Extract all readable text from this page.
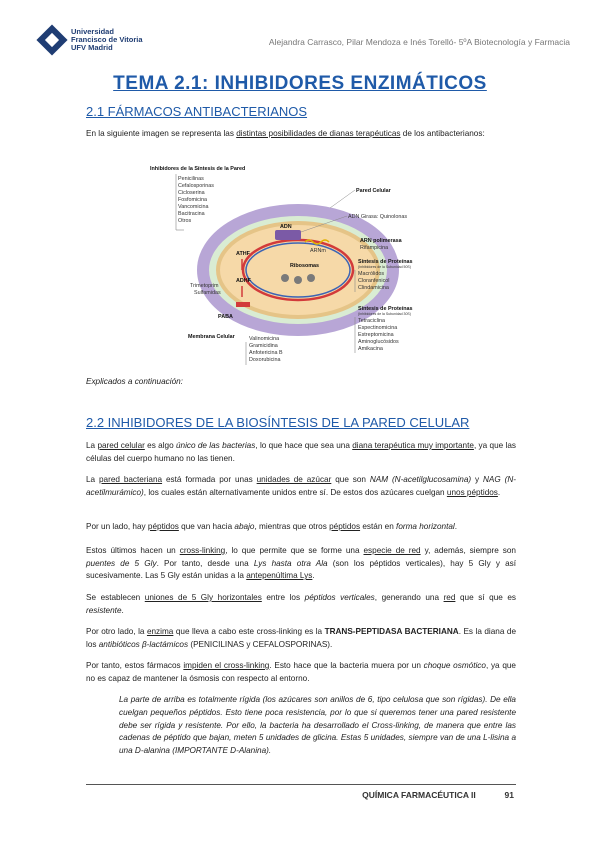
Universidad
Francisco de Vitoria
UFV Madrid
Alejandra Carrasco, Pilar Mendoza e Inés Torelló- 5ºA Biotecnología y Farmacia
TEMA 2.1: INHIBIDORES ENZIMÁTICOS
2.1 FÁRMACOS ANTIBACTERIANOS
En la siguiente imagen se representa las distintas posibilidades de dianas terapéuticas de los antibacterianos:
Inhibidores de la Síntesis de la Pared
Penicilinas
Cefalosporinas
Cicloserina
Fosfomicina
Vancomicina
Bacitracina
Otros
ADN
ARNm
Ribosomas
ATHF
ADHF
PABA
Pared Celular
ADN Girasa: Quinolonas
ARN polimerasa
Rifampicina
Síntesis de Proteínas
(Inhibidores de la Subunidad 50S)
Macrólidos
Cloranfenicol
Clindamicina
Síntesis de Proteínas
(Inhibidores de la Subunidad 30S)
Tetraciclina
Espectinomicina
Estreptomicina
Aminoglucósidos
Amikacina
Trimetoprim
Sulfamidas
Membrana Celular	Valinomicina
Gramicidina
Anfotericina B
Doxorubicina
Explicados a continuación:
2.2 INHIBIDORES DE LA BIOSÍNTESIS DE LA PARED CELULAR
La pared celular es algo único de las bacterias, lo que hace que sea una diana terapéutica muy importante, ya que las células del cuerpo humano no las tienen.
La pared bacteriana está formada por unas unidades de azúcar que son NAM (N-acetilglucosamina) y NAG (N-acetilmurámico), los cuales están alternativamente unidos entre sí. De estos dos azúcares cuelgan unos péptidos.
Por un lado, hay péptidos que van hacia abajo, mientras que otros péptidos están en forma horizontal.
Estos últimos hacen un cross-linking, lo que permite que se forme una especie de red y, además, siempre son puentes de 5 Gly. Por tanto, desde una Lys hasta otra Ala (son los péptidos verticales), hay 5 Gly y así sucesivamente. Las 5 Gly están unidas a la antepenúltima Lys.
Se establecen uniones de 5 Gly horizontales entre los péptidos verticales, generando una red que sí que es resistente.
Por otro lado, la enzima que lleva a cabo este cross-linking es la TRANS-PEPTIDASA BACTERIANA. Es la diana de los antibióticos β-lactámicos (PENICILINAS y CEFALOSPORINAS).
Por tanto, estos fármacos impiden el cross-linking. Esto hace que la bacteria muera por un choque osmótico, ya que no es capaz de mantener la ósmosis con respecto al entorno.
La parte de arriba es totalmente rígida (los azúcares son anillos de 6, tipo celulosa que son rígidas). De ella cuelgan pequeños péptidos. Esto tiene poca resistencia, por lo que si queremos tener una pared resistente debe ser rígida y resistente. Por ello, la bacteria ha desarrollado el Cross-linking, de manera que entre las cadenas de péptido que bajan, meten 5 unidades de glicina. Estas 5 unidades, siempre van de una L-lisina a una D-alanina (IMPORTANTE D-Alanina).
QUÍMICA FARMACÉUTICA II	91
